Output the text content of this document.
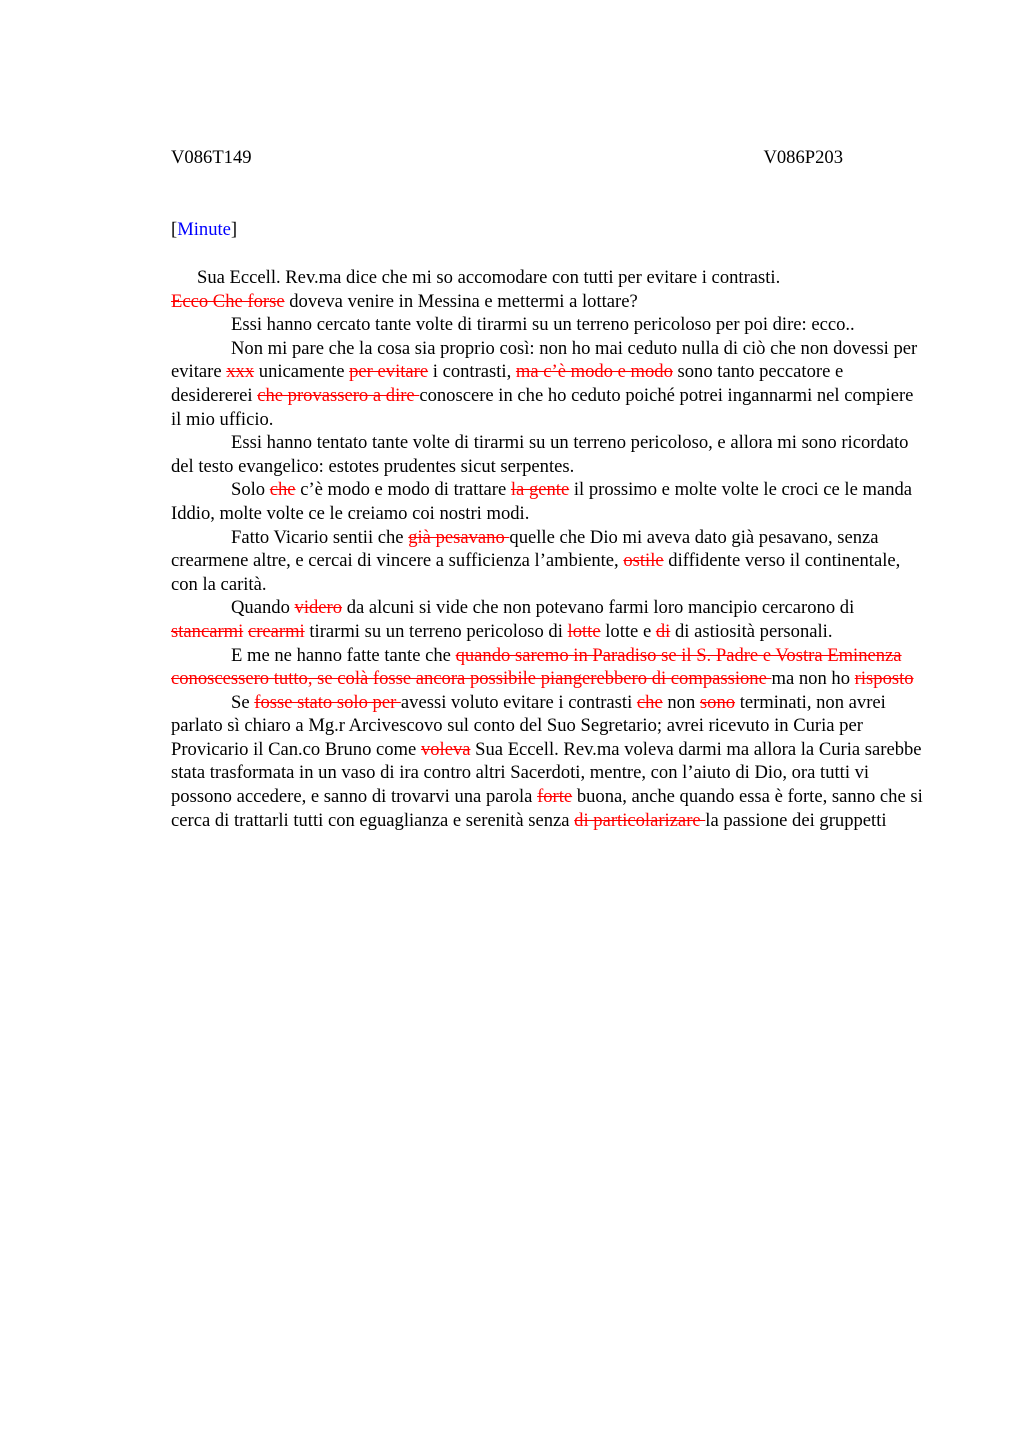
V086T149	V086P203
[Minute]

Sua Eccell. Rev.ma dice che mi so accomodare con tutti per evitare i contrasti.

Ecco Che forse doveva venire in Messina e mettermi a lottare?

Essi hanno cercato tante volte di tirarmi su un terreno pericoloso per poi dire: ecco..

Non mi pare che la cosa sia proprio così: non ho mai ceduto nulla di ciò che non dovessi per evitare xxx unicamente per evitare i contrasti, ma c’è modo e modo sono tanto peccatore e desidererei che provassero a dire conoscere in che ho ceduto poiché potrei ingannarmi nel compiere il mio ufficio.

Essi hanno tentato tante volte di tirarmi su un terreno pericoloso, e allora mi sono ricordato del testo evangelico: estotes prudentes sicut serpentes.

Solo che c’è modo e modo di trattare la gente il prossimo e molte volte le croci ce le manda Iddio, molte volte ce le creiamo coi nostri modi.

Fatto Vicario sentii che già pesavano quelle che Dio mi aveva dato già pesavano, senza crearmene altre, e cercai di vincere a sufficienza l’ambiente, ostile diffidente verso il continentale, con la carità.

Quando videro da alcuni si vide che non potevano farmi loro mancipio cercarono di stancarmi crearmi tirarmi su un terreno pericoloso di lotte lotte e di di astiosità personali.

E me ne hanno fatte tante che quando saremo in Paradiso se il S. Padre e Vostra Eminenza conoscessero tutto, se colà fosse ancora possibile piangerebbero di compassione ma non ho risposto

Se fosse stato solo per avessi voluto evitare i contrasti che non sono terminati, non avrei parlato sì chiaro a Mg.r Arcivescovo sul conto del Suo Segretario; avrei ricevuto in Curia per Provicario il Can.co Bruno come voleva Sua Eccell. Rev.ma voleva darmi ma allora la Curia sarebbe stata trasformata in un vaso di ira contro altri Sacerdoti, mentre, con l’aiuto di Dio, ora tutti vi possono accedere, e sanno di trovarvi una parola forte buona, anche quando essa è forte, sanno che si cerca di trattarli tutti con eguaglianza e serenità senza di particolarizare la passione dei gruppetti
